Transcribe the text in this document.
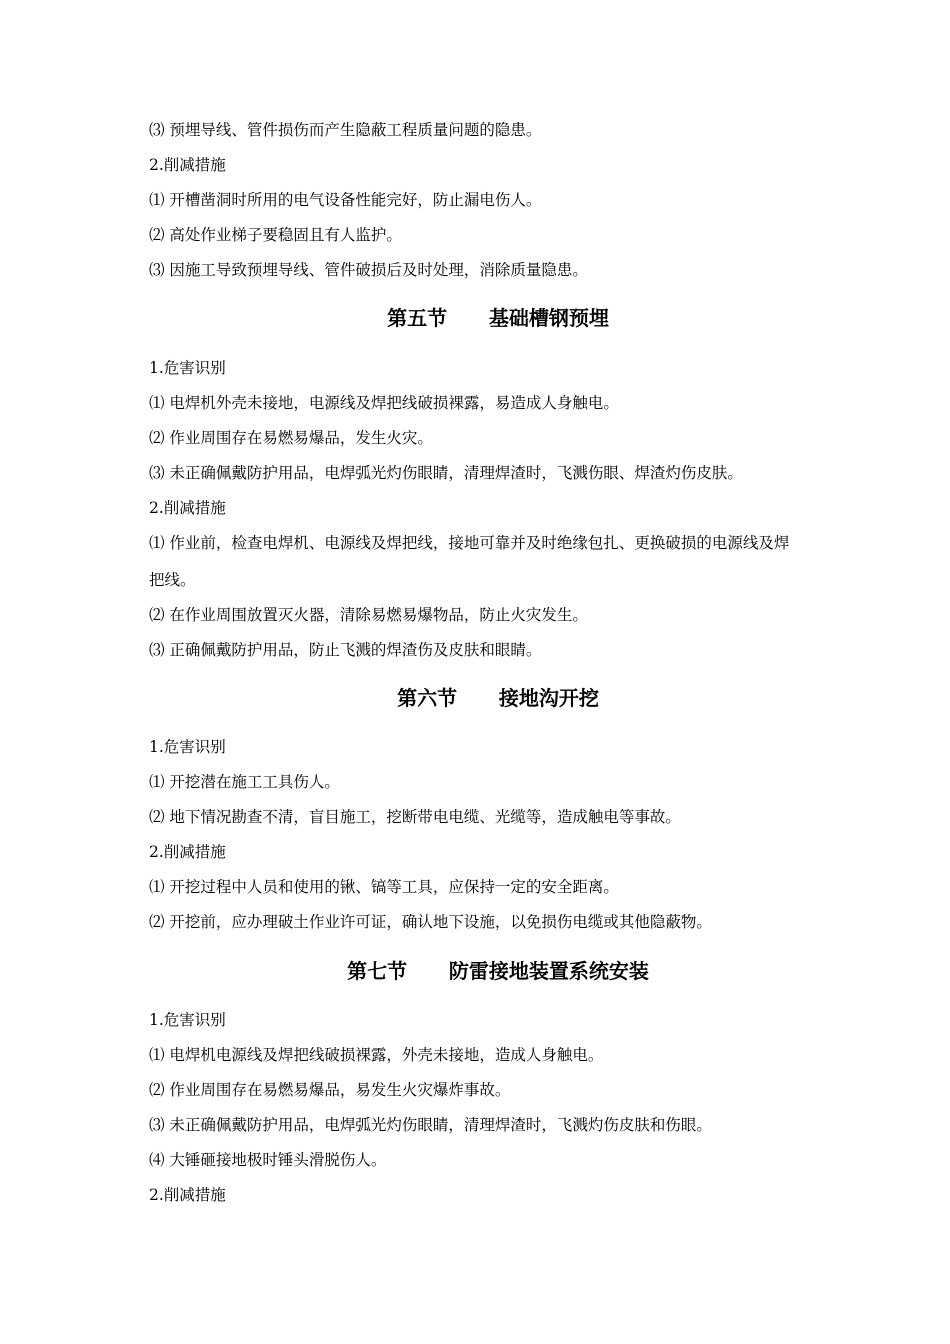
⑶ 预埋导线、管件损伤而产生隐蔽工程质量问题的隐患。
2.削减措施
⑴ 开槽凿洞时所用的电气设备性能完好，防止漏电伤人。
⑵ 高处作业梯子要稳固且有人监护。
⑶ 因施工导致预埋导线、管件破损后及时处理，消除质量隐患。
第五节      基础槽钢预埋
1.危害识别
⑴ 电焊机外壳未接地，电源线及焊把线破损裸露，易造成人身触电。
⑵ 作业周围存在易燃易爆品，发生火灾。
⑶ 未正确佩戴防护用品，电焊弧光灼伤眼睛，清理焊渣时，飞溅伤眼、焊渣灼伤皮肤。
2.削减措施
⑴ 作业前，检查电焊机、电源线及焊把线，接地可靠并及时绝缘包扎、更换破损的电源线及焊
把线。
⑵ 在作业周围放置灭火器，清除易燃易爆物品，防止火灾发生。
⑶ 正确佩戴防护用品，防止飞溅的焊渣伤及皮肤和眼睛。
第六节      接地沟开挖
1.危害识别
⑴ 开挖潜在施工工具伤人。
⑵ 地下情况勘查不清，盲目施工，挖断带电电缆、光缆等，造成触电等事故。
2.削减措施
⑴ 开挖过程中人员和使用的锹、镐等工具，应保持一定的安全距离。
⑵ 开挖前，应办理破土作业许可证，确认地下设施，以免损伤电缆或其他隐蔽物。
第七节      防雷接地装置系统安装
1.危害识别
⑴ 电焊机电源线及焊把线破损裸露，外壳未接地，造成人身触电。
⑵ 作业周围存在易燃易爆品，易发生火灾爆炸事故。
⑶ 未正确佩戴防护用品，电焊弧光灼伤眼睛，清理焊渣时，飞溅灼伤皮肤和伤眼。
⑷ 大锤砸接地极时锤头滑脱伤人。
2.削减措施
